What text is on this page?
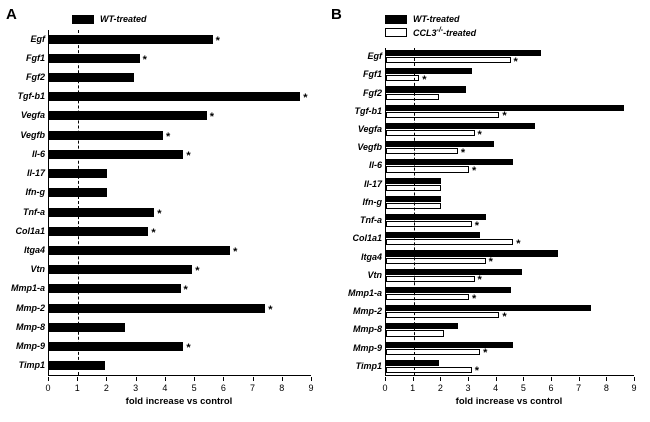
A	WT-treated
Egf	*
Fgf1	*
Fgf2
Tgf-b1	*
Vegfa	*
Vegfb	*
Il-6	*
Il-17
Ifn-g
Tnf-a	*
Col1a1	*
Itga4	*
Vtn	*
Mmp1-a	*
Mmp-2	*
Mmp-8
Mmp-9	*
Timp1
0	1	2	3	4	5	6	7	8	9
fold increase vs control
B	WT-treated
CCL3-/--treated
Egf	*
Fgf1	*
Fgf2
Tgf-b1	*
Vegfa	*
Vegfb	*
Il-6	*
Il-17
Ifn-g
Tnf-a	*
Col1a1	*
Itga4	*
Vtn	*
Mmp1-a	*
Mmp-2	*
Mmp-8
Mmp-9	*
Timp1	*
0	1	2	3	4	5	6	7	8	9
fold increase vs control
